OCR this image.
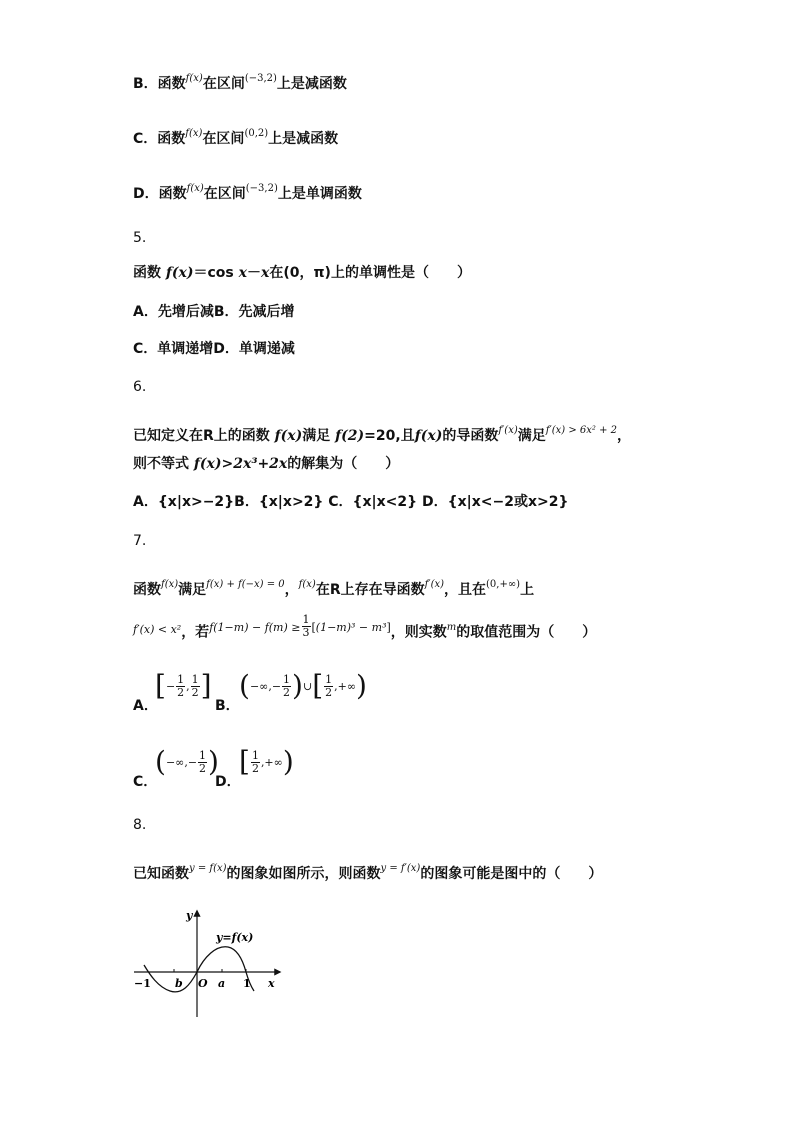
B．函数$^{f(x)}$在区间$^{(-3,2)}$上是减函数
C．函数$^{f(x)}$在区间$^{(0,2)}$上是减函数
D．函数$^{f(x)}$在区间$^{(-3,2)}$上是单调函数
5.
函数 f(x)＝cos x－x在(0，π)上的单调性是（　　）
A．先增后减B．先减后增
C．单调递增D．单调递减
6.
已知定义在R上的函数 f(x)满足 f(2)=20,且f(x)的导函数$^{f'(x)}$满足$^{f'(x) > 6x^2 + 2}$，
则不等式 f(x)>2x³+2x的解集为（　　）
A．{x|x>−2}B．{x|x>2} C．{x|x<2} D．{x|x<−2或x>2}
7.
函数$^{f(x)}$满足$^{f(x) + f(-x) = 0}$，$^{f(x)}$在R上存在导函数$^{f'(x)}$，且在$^{(0,+\infty)}$上
$^{f'(x) < x^2}$，若$^{f(1-m) - f(m) \ge} \frac{1}{3} [(1-m)^3 - m^3]$，则实数$^m$的取值范围为（　　）
A．
[− $\frac{1}{2}$ , $\frac{1}{2}$ ]
B．
(−∞,− $\frac{1}{2}$ )∪[ $\frac{1}{2}$ ,+∞)
C．
(−∞,− $\frac{1}{2}$ )
D．
[ $\frac{1}{2}$ ,+∞)
8.
已知函数$^{y = f(x)}$的图象如图所示，则函数$^{y = f'(x)}$的图象可能是图中的（　　）
y
y=f(x)
x
−1 b O a 1
